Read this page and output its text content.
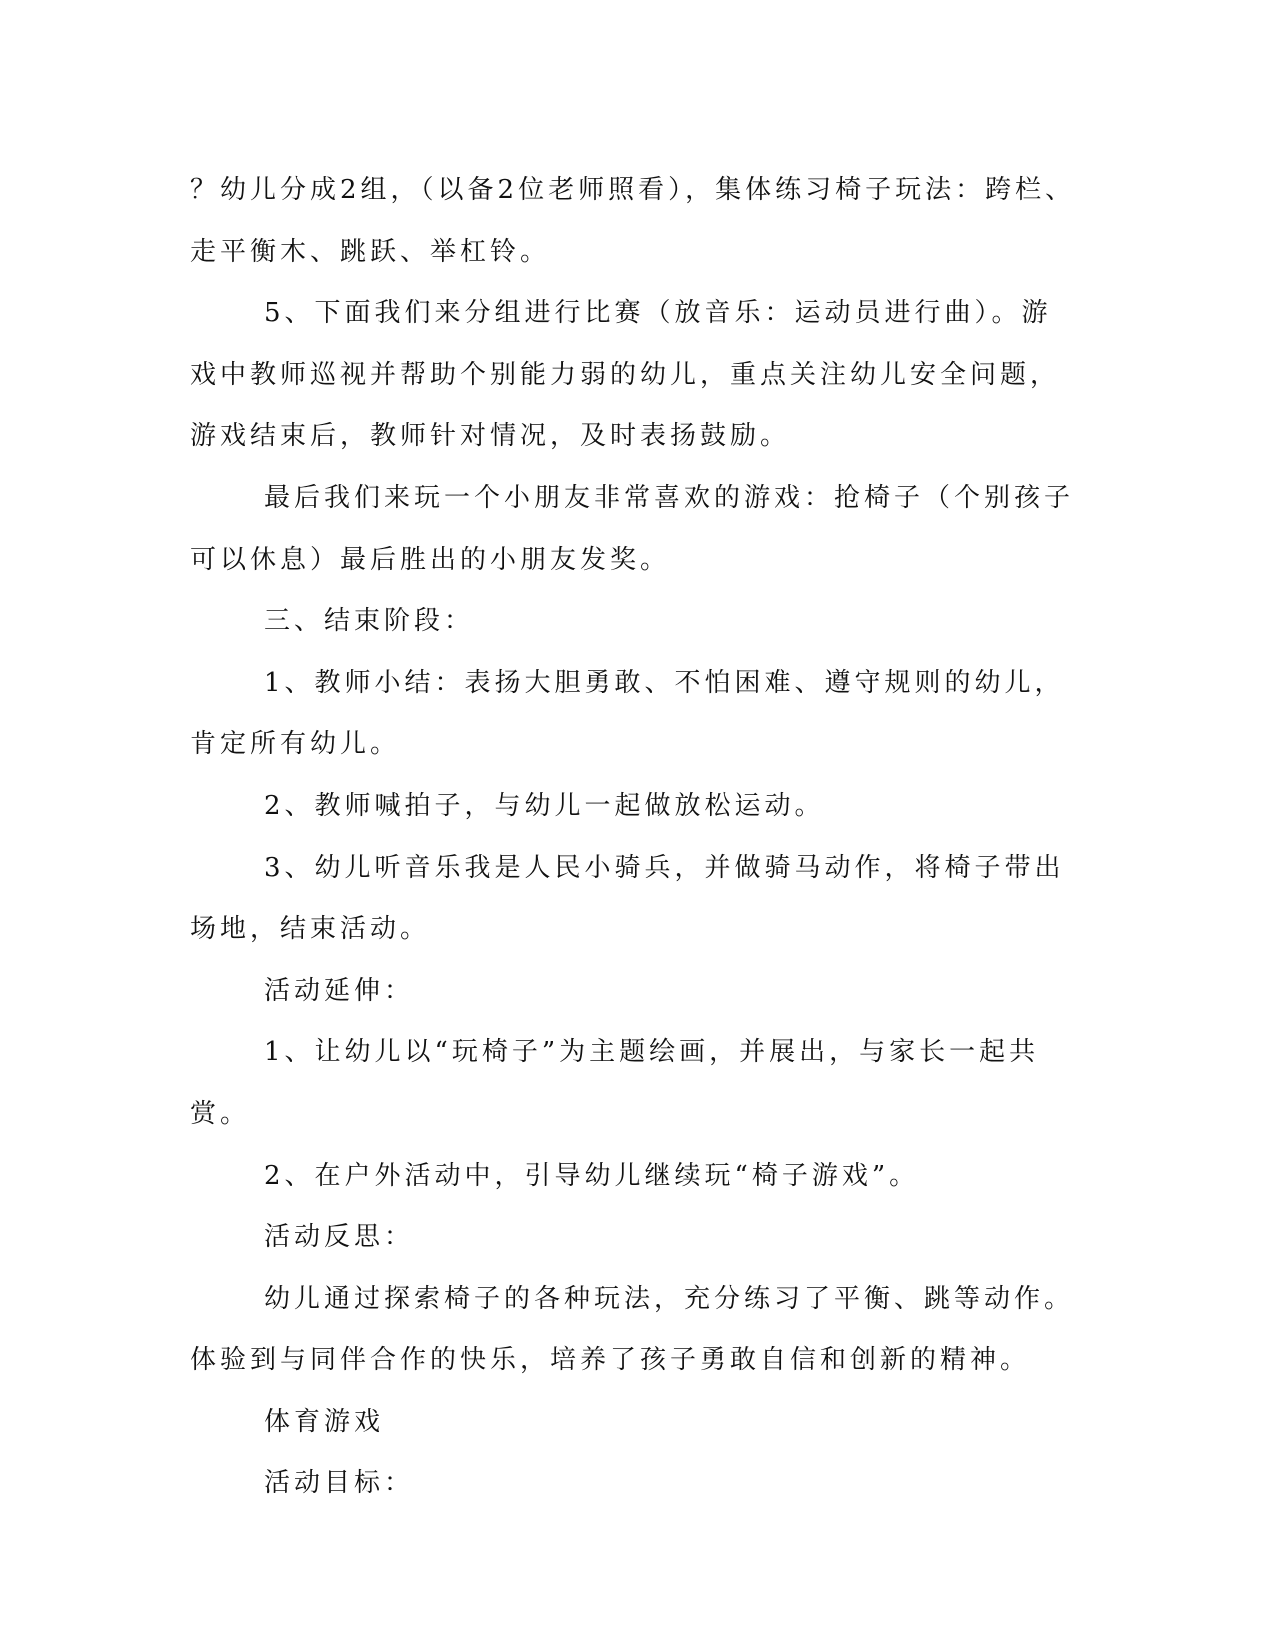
？幼儿分成2组，（以备2位老师照看），集体练习椅子玩法：跨栏、走平衡木、跳跃、举杠铃。

5、下面我们来分组进行比赛（放音乐：运动员进行曲）。游戏中教师巡视并帮助个别能力弱的幼儿，重点关注幼儿安全问题，游戏结束后，教师针对情况，及时表扬鼓励。

最后我们来玩一个小朋友非常喜欢的游戏：抢椅子（个别孩子可以休息）最后胜出的小朋友发奖。

三、结束阶段：

1、教师小结：表扬大胆勇敢、不怕困难、遵守规则的幼儿，肯定所有幼儿。

2、教师喊拍子，与幼儿一起做放松运动。

3、幼儿听音乐我是人民小骑兵，并做骑马动作，将椅子带出场地，结束活动。

活动延伸：

1、让幼儿以“玩椅子”为主题绘画，并展出，与家长一起共赏。

2、在户外活动中，引导幼儿继续玩“椅子游戏”。

活动反思：

幼儿通过探索椅子的各种玩法，充分练习了平衡、跳等动作。体验到与同伴合作的快乐，培养了孩子勇敢自信和创新的精神。

体育游戏

活动目标：
